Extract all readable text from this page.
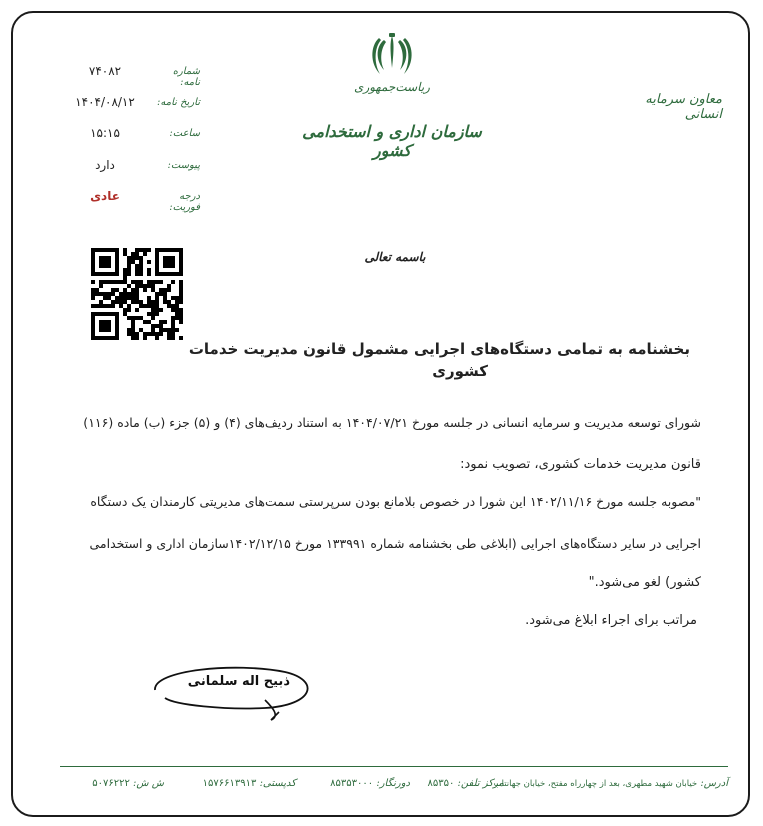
ریاست‌جمهوری
سازمان اداری و استخدامی کشور
معاون سرمایه انسانی
شماره نامه:
۷۴۰۸۲
تاریخ نامه:
۱۴۰۴/۰۸/۱۲
ساعت:
۱۵:۱۵
پیوست:
دارد
درجه فوریت:
عادی
باسمه تعالی
بخشنامه به تمامی دستگاه‌های اجرایی مشمول قانون مدیریت خدمات
کشوری
شورای توسعه مدیریت و سرمایه انسانی در جلسه مورخ ۱۴۰۴/۰۷/۲۱ به استناد ردیف‌های (۴) و (۵) جزء (ب) ماده (۱۱۶)
قانون مدیریت خدمات کشوری، تصویب نمود:
"مصوبه جلسه مورخ ۱۴۰۲/۱۱/۱۶ این شورا در خصوص بلامانع بودن سرپرستی سمت‌های مدیریتی کارمندان یک دستگاه
اجرایی در سایر دستگاه‌های اجرایی (ابلاغی طی بخشنامه شماره ۱۳۳۹۹۱ مورخ ۱۴۰۲/۱۲/۱۵سازمان اداری و استخدامی
کشور) لغو می‌شود."
مراتب برای اجراء ابلاغ می‌شود.
ذبیح اله سلمانی
آدرس: خیابان شهید مطهری، بعد از چهارراه مفتح، خیابان جهانتاب
مرکز تلفن: ۸۵۳۵۰
دورنگار: ۸۵۳۵۳۰۰۰
کدپستی: ۱۵۷۶۶۱۳۹۱۳
ش ش: ۵۰۷۶۲۲۲
